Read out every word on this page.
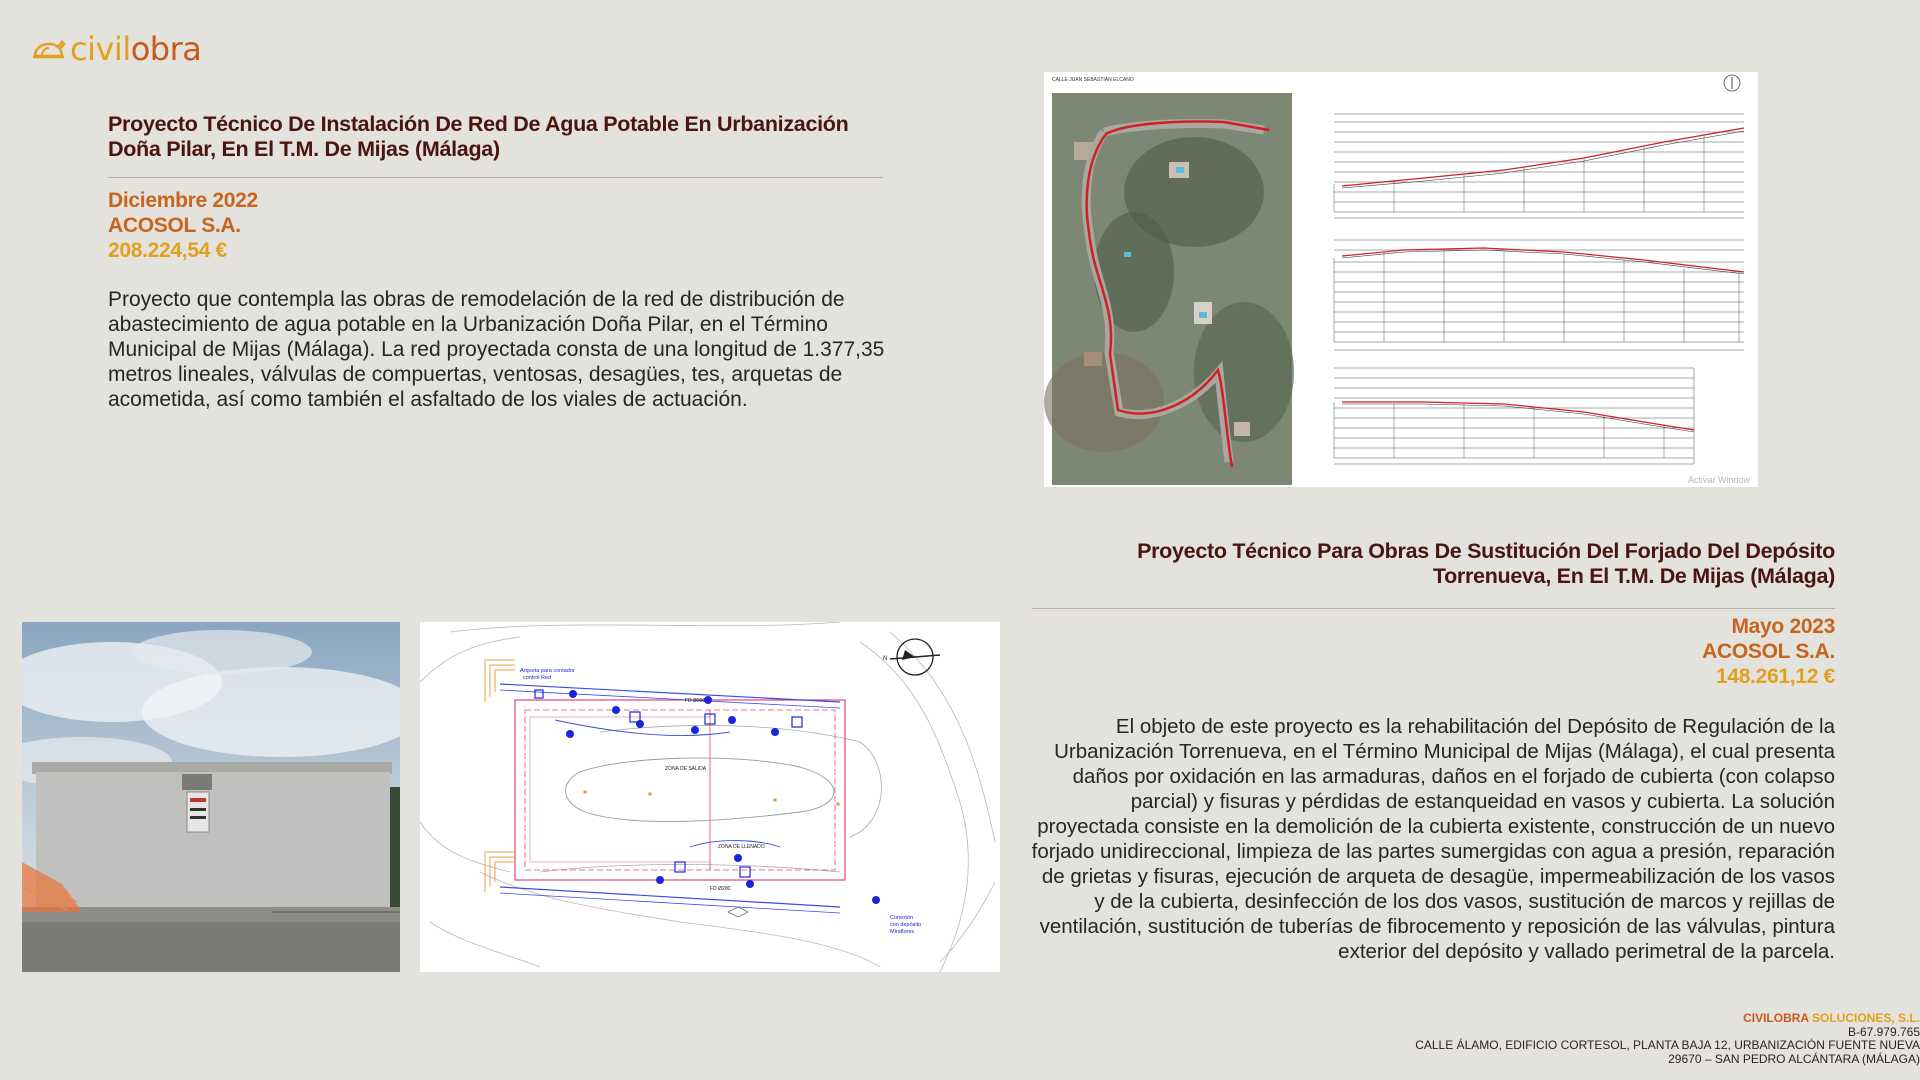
civilobra
Proyecto Técnico De Instalación De Red De Agua Potable En Urbanización
Doña Pilar, En El T.M. De Mijas (Málaga)
Diciembre 2022
ACOSOL S.A.
208.224,54 €
Proyecto que contempla las obras de remodelación de la red de distribución de abastecimiento de agua potable en la Urbanización Doña Pilar, en el Término Municipal de Mijas (Málaga). La red proyectada consta de una longitud de 1.377,35 metros lineales, válvulas de compuertas, ventosas, desagües, tes, arquetas de acometida, así como también el asfaltado de los viales de actuación.
CALLE JUAN SEBASTIÁN ELCANO
Activar Window
Proyecto Técnico Para Obras De Sustitución Del Forjado Del Depósito
Torrenueva, En El T.M. De Mijas (Málaga)
Mayo 2023
ACOSOL S.A.
148.261,12 €
El objeto de este proyecto es la rehabilitación del Depósito de Regulación de la Urbanización Torrenueva, en el Término Municipal de Mijas (Málaga), el cual presenta daños por oxidación en las armaduras, daños en el forjado de cubierta (con colapso parcial) y fisuras y pérdidas de estanqueidad en vasos y cubierta. La solución proyectada consiste en la demolición de la cubierta existente, construcción de un nuevo forjado unidireccional, limpieza de las partes sumergidas con agua a presión, reparación de grietas y fisuras, ejecución de arqueta de desagüe, impermeabilización de los vasos y de la cubierta, desinfección de los dos vasos, sustitución de marcos y rejillas de ventilación, sustitución de tuberías de fibrocemento y reposición de las válvulas, pintura exterior del depósito y vallado perimetral de la parcela.
N
Arqueta para contador
control Red
ZONA DE SALIDA
ZONA DE LLENADO
FD Ø200
FD Ø200
Conexión
con depósito
Miraflores
CIVILOBRA SOLUCIONES, S.L.
B-67.979.765
CALLE ÁLAMO, EDIFICIO CORTESOL, PLANTA BAJA 12, URBANIZACIÓN FUENTE NUEVA
29670 – SAN PEDRO ALCÁNTARA (MÁLAGA)
